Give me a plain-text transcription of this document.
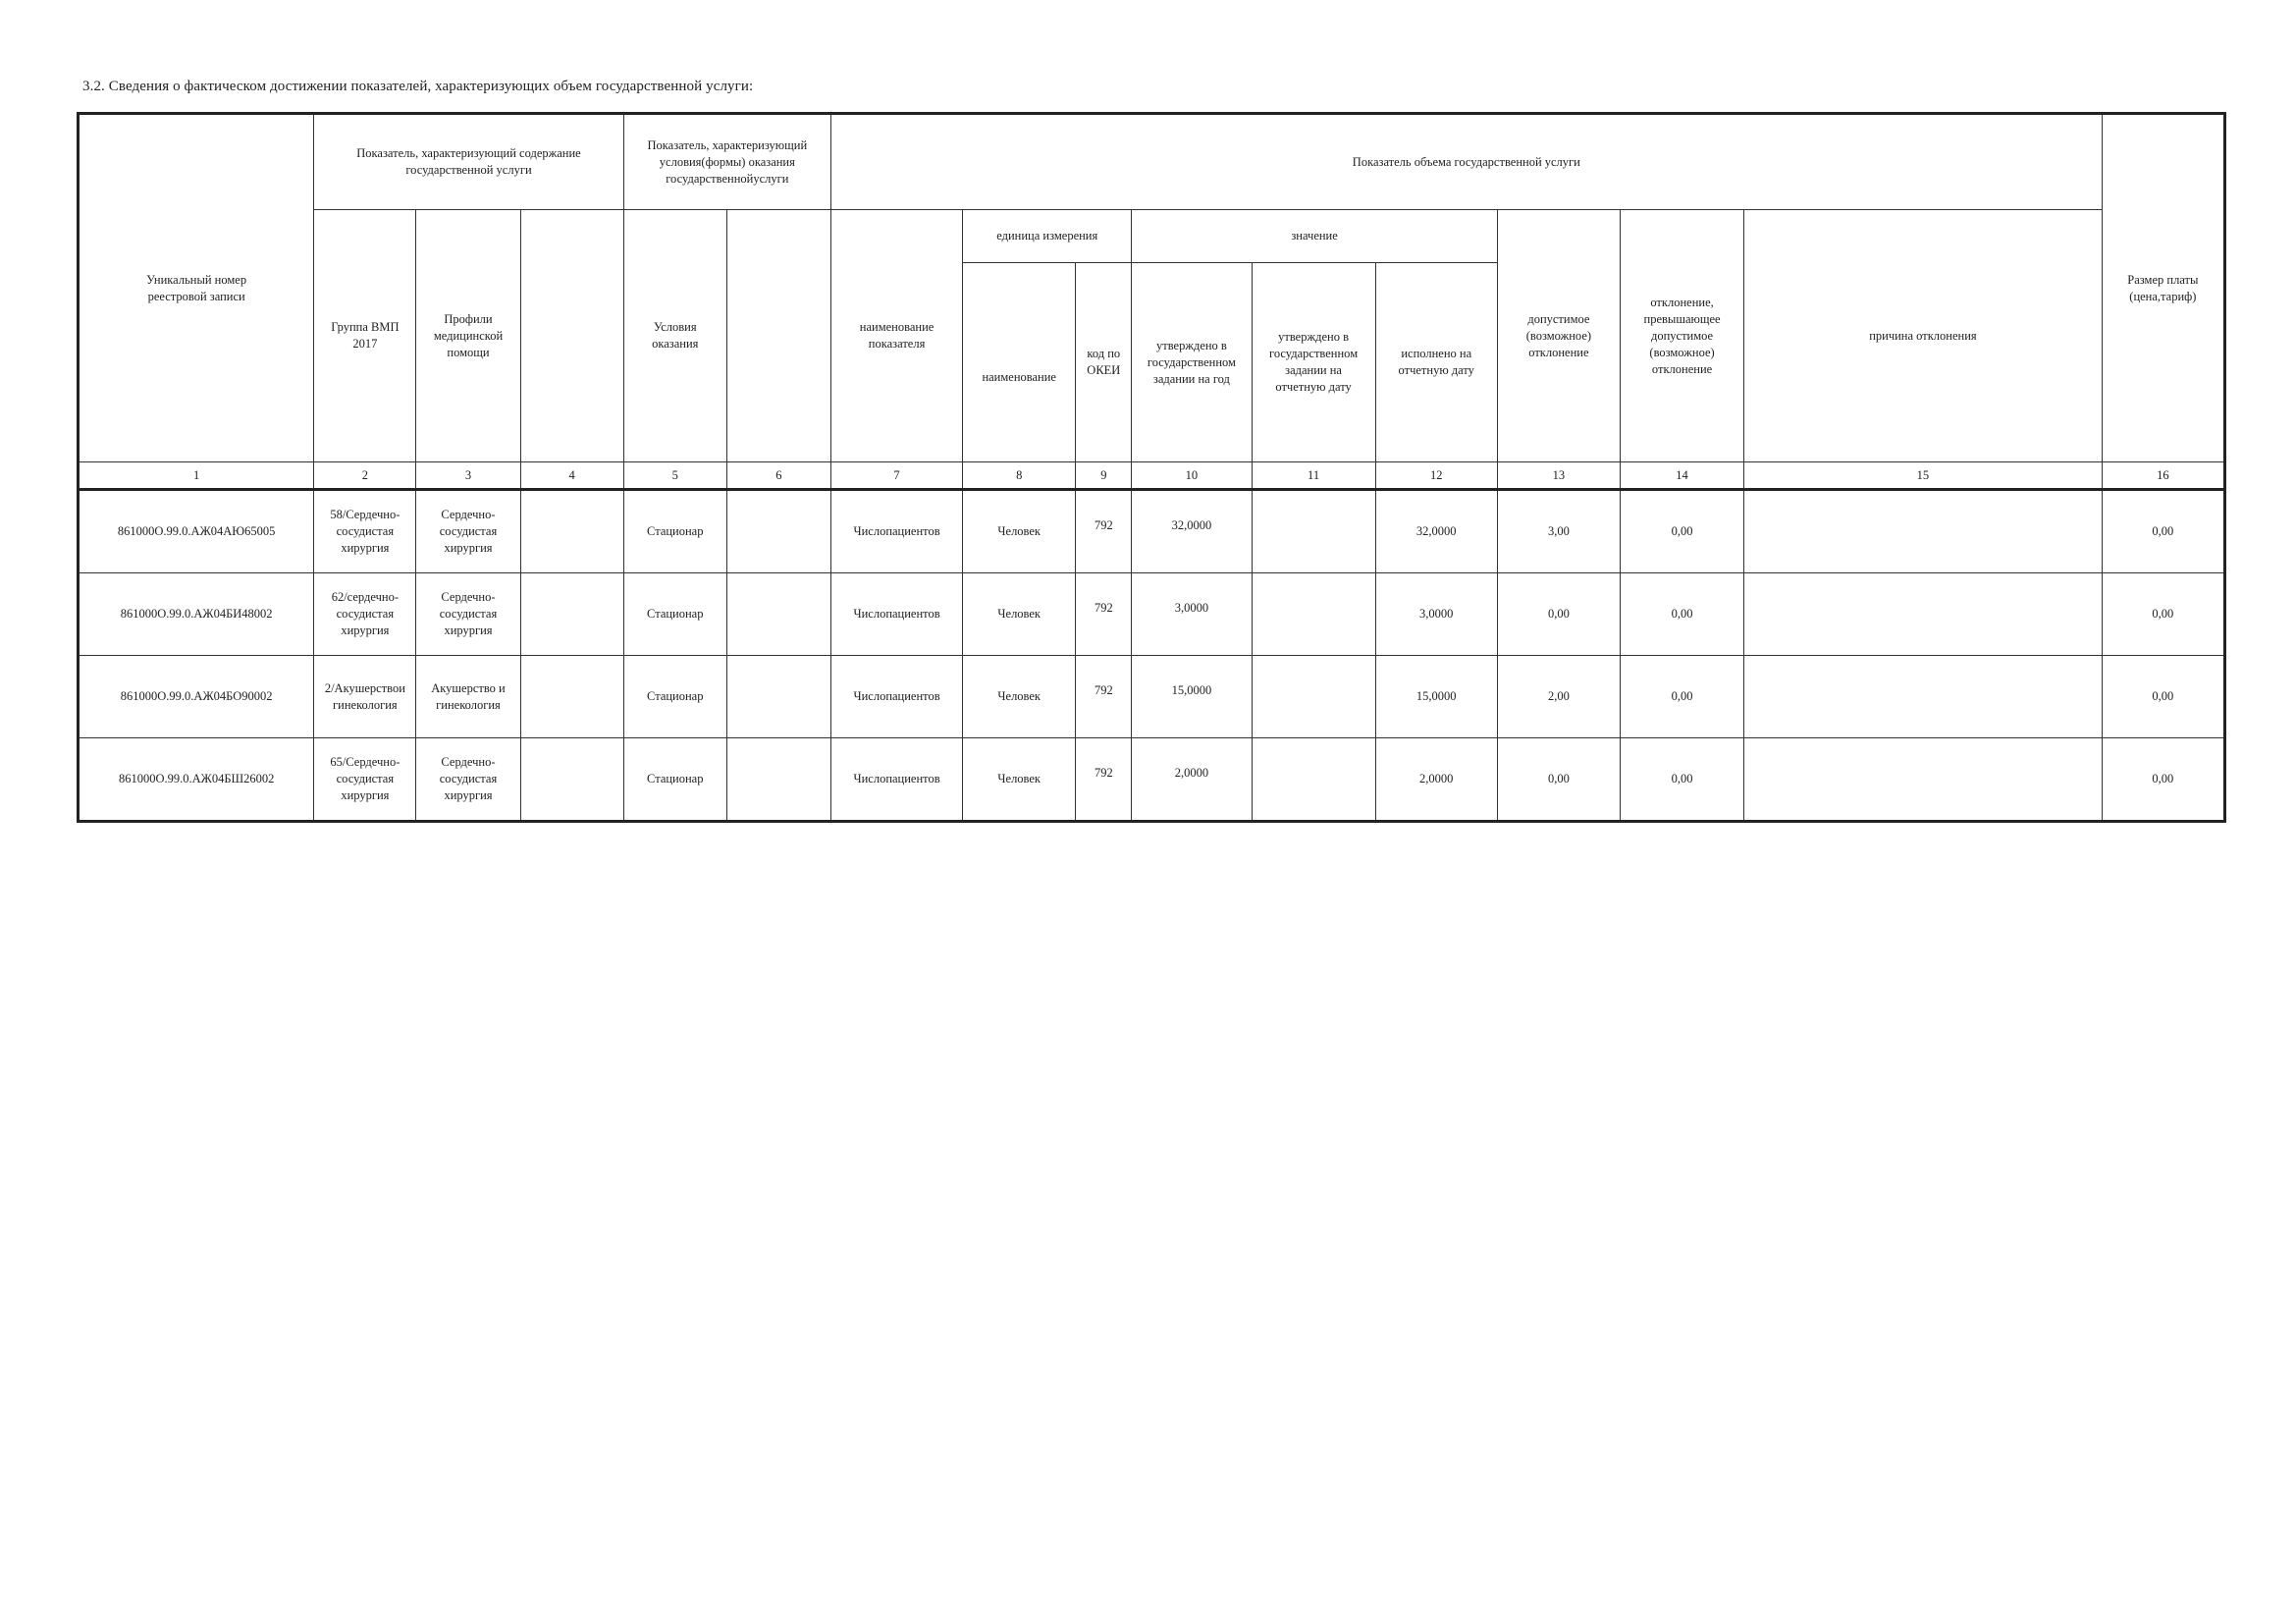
3.2. Сведения о фактическом достижении показателей, характеризующих объем государственной услуги:
Уникальный номер реестровой записи	Показатель, характеризующий содержание государственной услуги			Показатель, характеризующий условия(формы) оказания государственнойуслуги		Показатель объема государственной услуги									Размер платы (цена,тариф)
	Группа ВМП 2017	Профили медицинской помощи		Условия оказания		наименование показателя	единица измерения		значение			допустимое (возможное) отклонение	отклонение, превышающее допустимое (возможное) отклонение	причина отклонения	
							наименование	код по ОКЕИ	утверждено в государственном задании на год	утверждено в государственном задании на отчетную дату	исполнено на отчетную дату				
1	2	3	4	5	6	7	8	9	10	11	12	13	14	15	16
861000О.99.0.АЖ04АЮ65005	58/Сердечно-сосудистая хирургия	Сердечно-сосудистая хирургия		Стационар		Числопациентов	Человек	792	32,0000		32,0000	3,00	0,00		0,00
861000О.99.0.АЖ04БИ48002	62/сердечно-сосудистая хирургия	Сердечно-сосудистая хирургия		Стационар		Числопациентов	Человек	792	3,0000		3,0000	0,00	0,00		0,00
861000О.99.0.АЖ04БО90002	2/Акушерствои гинекология	Акушерство и гинекология		Стационар		Числопациентов	Человек	792	15,0000		15,0000	2,00	0,00		0,00
861000О.99.0.АЖ04БШ26002	65/Сердечно-сосудистая хирургия	Сердечно-сосудистая хирургия		Стационар		Числопациентов	Человек	792	2,0000		2,0000	0,00	0,00		0,00
